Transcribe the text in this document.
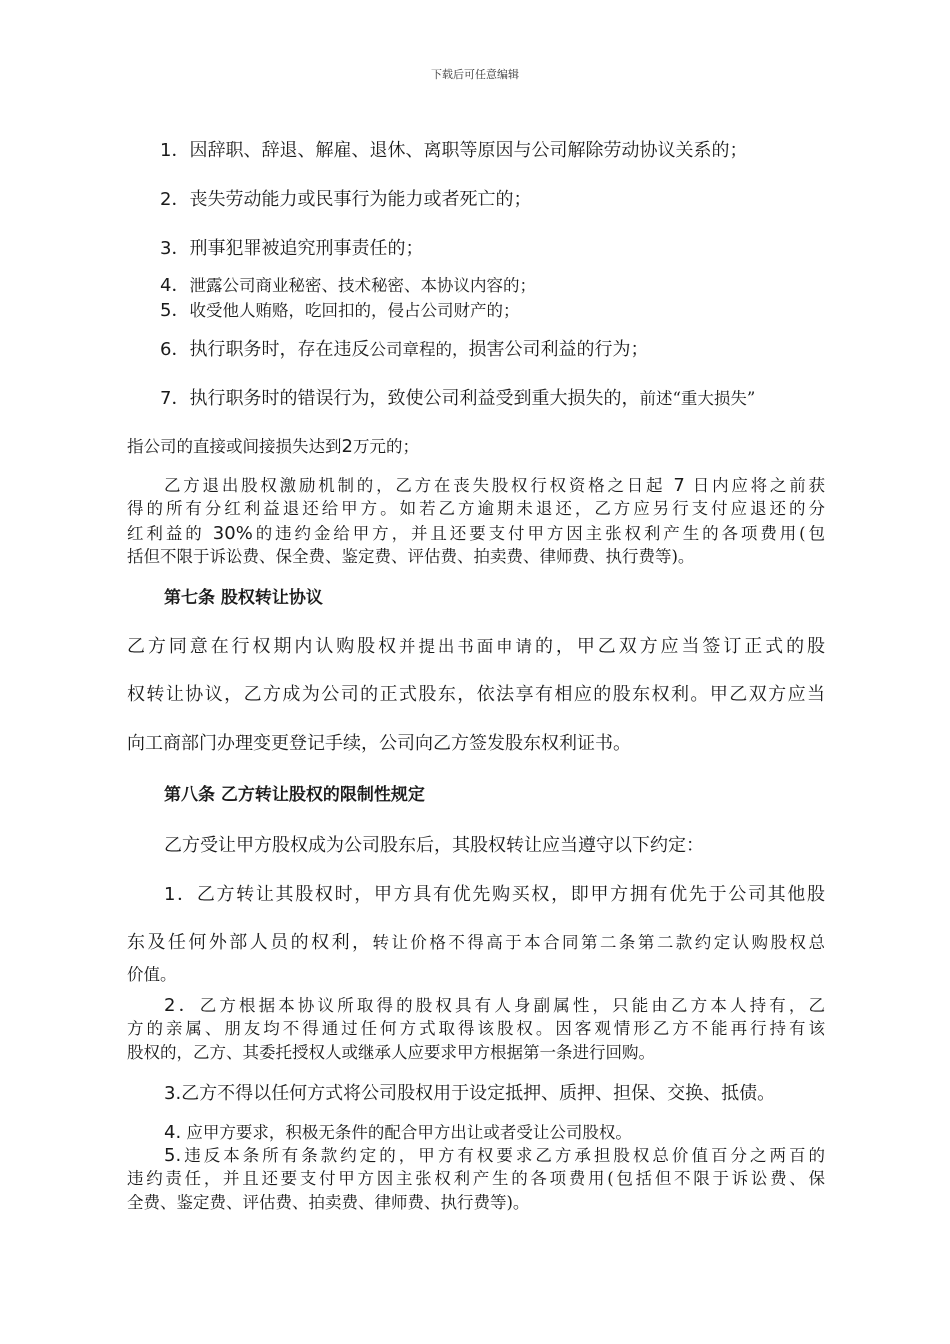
下载后可任意编辑
1．因辞职、辞退、解雇、退休、离职等原因与公司解除劳动协议关系的；
2．丧失劳动能力或民事行为能力或者死亡的；
3．刑事犯罪被追究刑事责任的；
4．泄露公司商业秘密、技术秘密、本协议内容的；
5．收受他人贿赂，吃回扣的，侵占公司财产的；
6．执行职务时，存在违反公司章程的，损害公司利益的行为；
7．执行职务时的错误行为，致使公司利益受到重大损失的，前述“重大损失”
指公司的直接或间接损失达到2万元的；
乙方退出股权激励机制的，乙方在丧失股权行权资格之日起 7 日内应将之前获
得的所有分红利益退还给甲方。如若乙方逾期未退还，乙方应另行支付应退还的分
红利益的 30%的违约金给甲方，并且还要支付甲方因主张权利产生的各项费用(包
括但不限于诉讼费、保全费、鉴定费、评估费、拍卖费、律师费、执行费等)。
第七条 股权转让协议
乙方同意在行权期内认购股权并提出书面申请的，甲乙双方应当签订正式的股
权转让协议，乙方成为公司的正式股东，依法享有相应的股东权利。甲乙双方应当
向工商部门办理变更登记手续，公司向乙方签发股东权利证书。
第八条 乙方转让股权的限制性规定
乙方受让甲方股权成为公司股东后，其股权转让应当遵守以下约定：
1．乙方转让其股权时，甲方具有优先购买权，即甲方拥有优先于公司其他股
东及任何外部人员的权利，转让价格不得高于本合同第二条第二款约定认购股权总
价值。
2．乙方根据本协议所取得的股权具有人身副属性，只能由乙方本人持有，乙
方的亲属、朋友均不得通过任何方式取得该股权。因客观情形乙方不能再行持有该
股权的，乙方、其委托授权人或继承人应要求甲方根据第一条进行回购。
3.乙方不得以任何方式将公司股权用于设定抵押、质押、担保、交换、抵债。
4. 应甲方要求，积极无条件的配合甲方出让或者受让公司股权。
5.违反本条所有条款约定的，甲方有权要求乙方承担股权总价值百分之两百的
违约责任，并且还要支付甲方因主张权利产生的各项费用(包括但不限于诉讼费、保
全费、鉴定费、评估费、拍卖费、律师费、执行费等)。
